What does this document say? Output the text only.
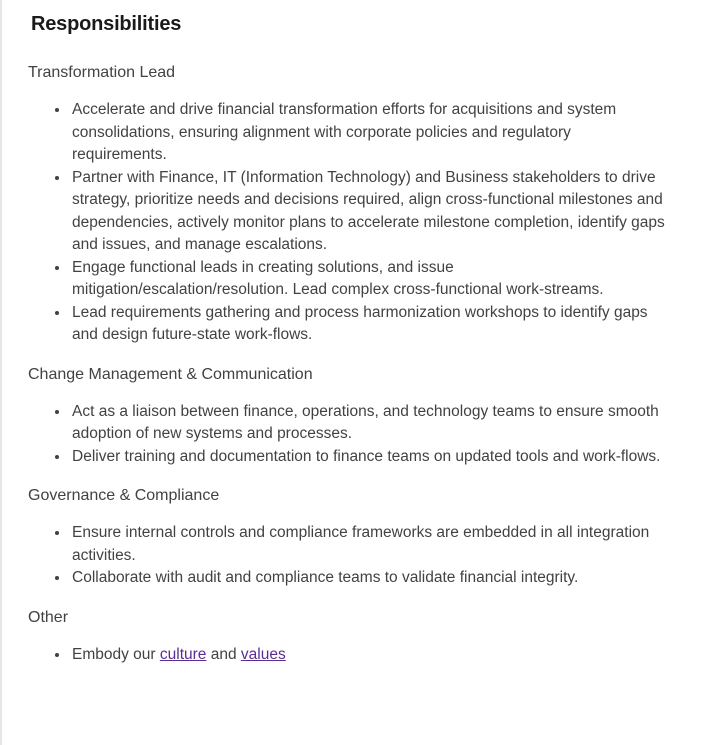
Responsibilities

Transformation Lead

• Accelerate and drive financial transformation efforts for acquisitions and system consolidations, ensuring alignment with corporate policies and regulatory requirements.
• Partner with Finance, IT (Information Technology) and Business stakeholders to drive strategy, prioritize needs and decisions required, align cross-functional milestones and dependencies, actively monitor plans to accelerate milestone completion, identify gaps and issues, and manage escalations.
• Engage functional leads in creating solutions, and issue mitigation/escalation/resolution. Lead complex cross-functional work-streams.
• Lead requirements gathering and process harmonization workshops to identify gaps and design future-state work-flows.

Change Management & Communication

• Act as a liaison between finance, operations, and technology teams to ensure smooth adoption of new systems and processes.
• Deliver training and documentation to finance teams on updated tools and work-flows.

Governance & Compliance

• Ensure internal controls and compliance frameworks are embedded in all integration activities.
• Collaborate with audit and compliance teams to validate financial integrity.

Other

• Embody our culture and values
